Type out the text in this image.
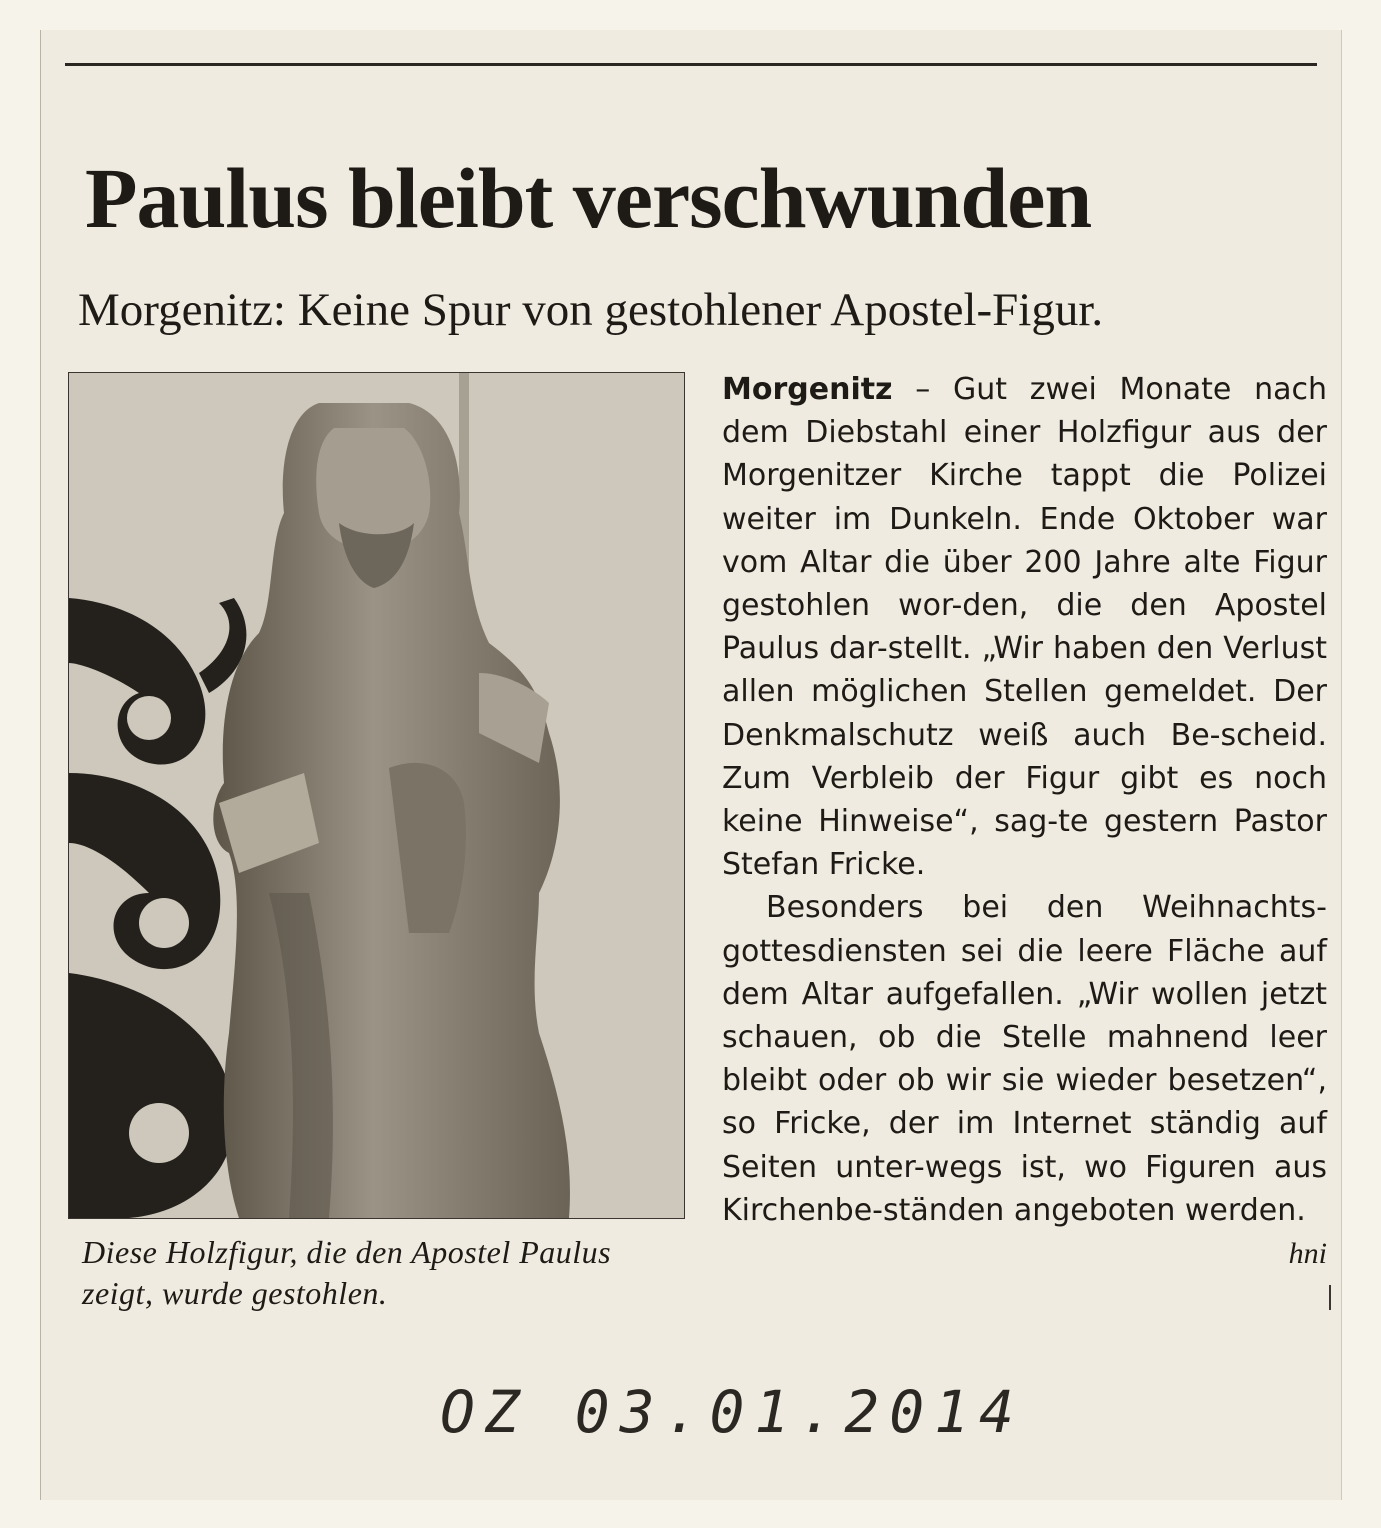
Paulus bleibt verschwunden
Morgenitz: Keine Spur von gestohlener Apostel-Figur.
Diese Holzfigur, die den Apostel Paulus zeigt, wurde gestohlen.

Morgenitz – Gut zwei Monate nach dem Diebstahl einer Holzfigur aus der Morgenitzer Kirche tappt die Polizei weiter im Dunkeln. Ende Oktober war vom Altar die über 200 Jahre alte Figur gestohlen wor-den, die den Apostel Paulus dar-stellt. „Wir haben den Verlust allen möglichen Stellen gemeldet. Der Denkmalschutz weiß auch Be-scheid. Zum Verbleib der Figur gibt es noch keine Hinweise“, sag-te gestern Pastor Stefan Fricke.

Besonders bei den Weihnachts-gottesdiensten sei die leere Fläche auf dem Altar aufgefallen. „Wir wollen jetzt schauen, ob die Stelle mahnend leer bleibt oder ob wir sie wieder besetzen“, so Fricke, der im Internet ständig auf Seiten unter-wegs ist, wo Figuren aus Kirchenbe-ständen angeboten werden.
hni

OZ 03.01.2014
